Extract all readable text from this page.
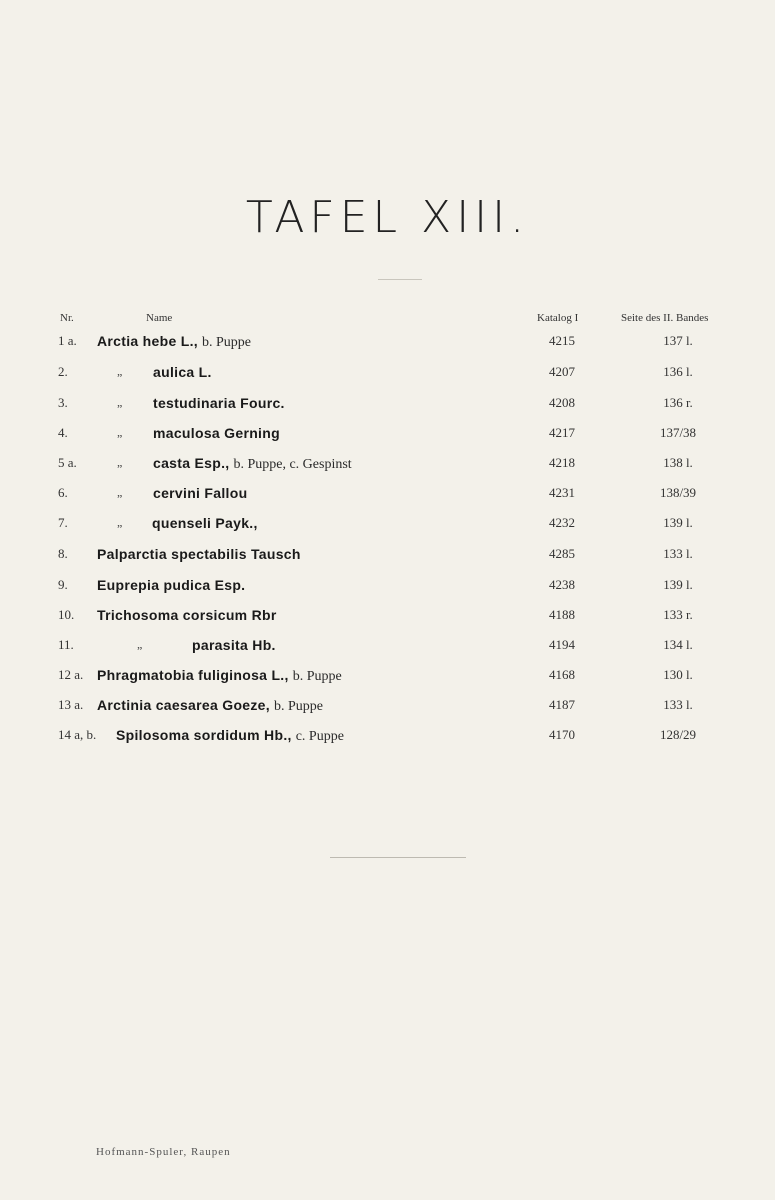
TAFEL XIII.
Nr.	Name	Katalog I	Seite des II. Bandes
1 a.	Arctia hebe L., b. Puppe	4215	137 l.
2.	„ aulica L.	4207	136 l.
3.	„ testudinaria Fourc.	4208	136 r.
4.	„ maculosa Gerning	4217	137/38
5 a.	„ casta Esp., b. Puppe, c. Gespinst	4218	138 l.
6.	„ cervini Fallou	4231	138/39
7.	„ quenseli Payk.,	4232	139 l.
8.	Palparctia spectabilis Tausch	4285	133 l.
9.	Euprepia pudica Esp.	4238	139 l.
10.	Trichosoma corsicum Rbr	4188	133 r.
11.	„	parasita Hb.	4194	134 l.
12 a. Phragmatobia fuliginosa L., b. Puppe	4168	130 l.
13 a. Arctinia caesarea Goeze, b. Puppe	4187	133 l.
14 a, b.	Spilosoma sordidum Hb., c. Puppe	4170	128/29
Hofmann-Spuler, Raupen
